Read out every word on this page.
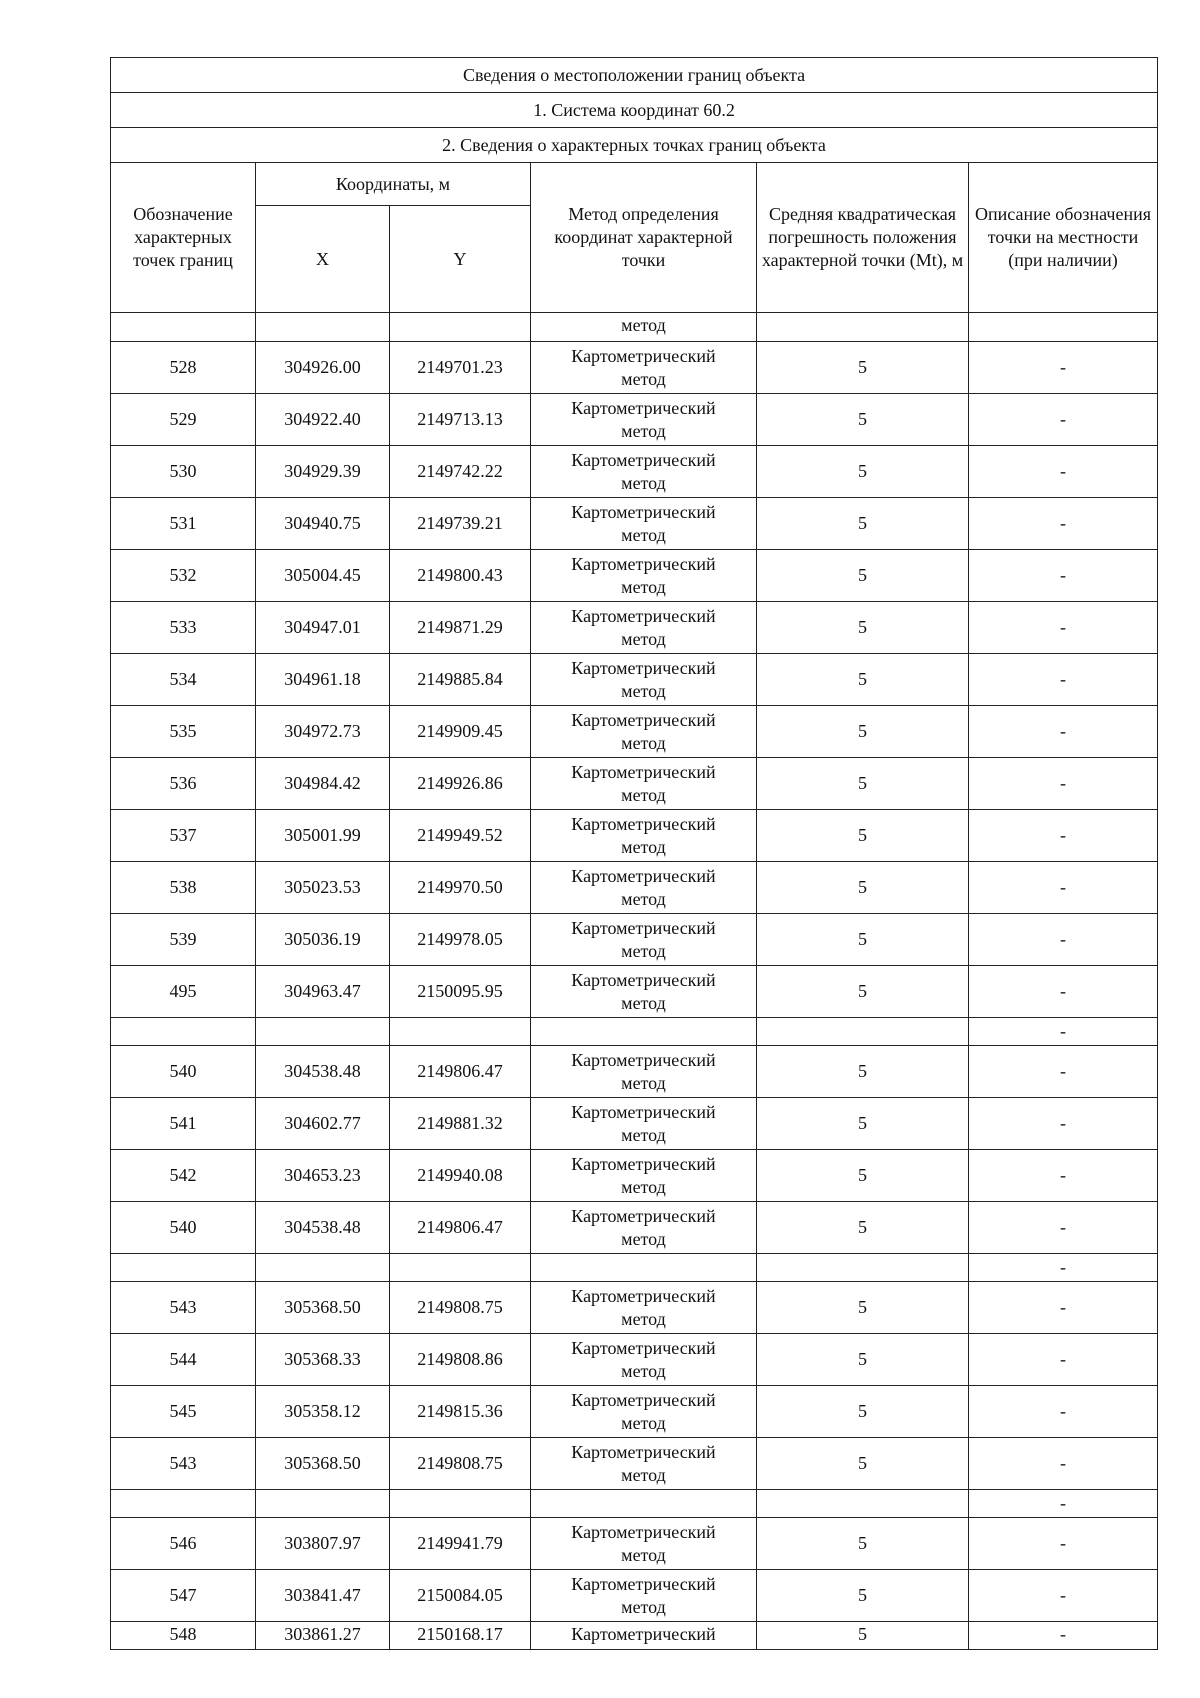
Сведения о местоположении границ объекта					
1. Система координат 60.2					
2. Сведения о характерных точках границ объекта					
Обозначение характерных точек границ	Координаты, м		Метод определения координат характерной точки	Средняя квадратическая погрешность положения характерной точки (Mt), м	Описание обозначения точки на местности (при наличии)
	X	Y			
			метод		
528	304926.00	2149701.23	Картометрический
метод	5	-
529	304922.40	2149713.13	Картометрический
метод	5	-
530	304929.39	2149742.22	Картометрический
метод	5	-
531	304940.75	2149739.21	Картометрический
метод	5	-
532	305004.45	2149800.43	Картометрический
метод	5	-
533	304947.01	2149871.29	Картометрический
метод	5	-
534	304961.18	2149885.84	Картометрический
метод	5	-
535	304972.73	2149909.45	Картометрический
метод	5	-
536	304984.42	2149926.86	Картометрический
метод	5	-
537	305001.99	2149949.52	Картометрический
метод	5	-
538	305023.53	2149970.50	Картометрический
метод	5	-
539	305036.19	2149978.05	Картометрический
метод	5	-
495	304963.47	2150095.95	Картометрический
метод	5	-
					-
540	304538.48	2149806.47	Картометрический
метод	5	-
541	304602.77	2149881.32	Картометрический
метод	5	-
542	304653.23	2149940.08	Картометрический
метод	5	-
540	304538.48	2149806.47	Картометрический
метод	5	-
					-
543	305368.50	2149808.75	Картометрический
метод	5	-
544	305368.33	2149808.86	Картометрический
метод	5	-
545	305358.12	2149815.36	Картометрический
метод	5	-
543	305368.50	2149808.75	Картометрический
метод	5	-
					-
546	303807.97	2149941.79	Картометрический
метод	5	-
547	303841.47	2150084.05	Картометрический
метод	5	-
548	303861.27	2150168.17	Картометрический	5	-
